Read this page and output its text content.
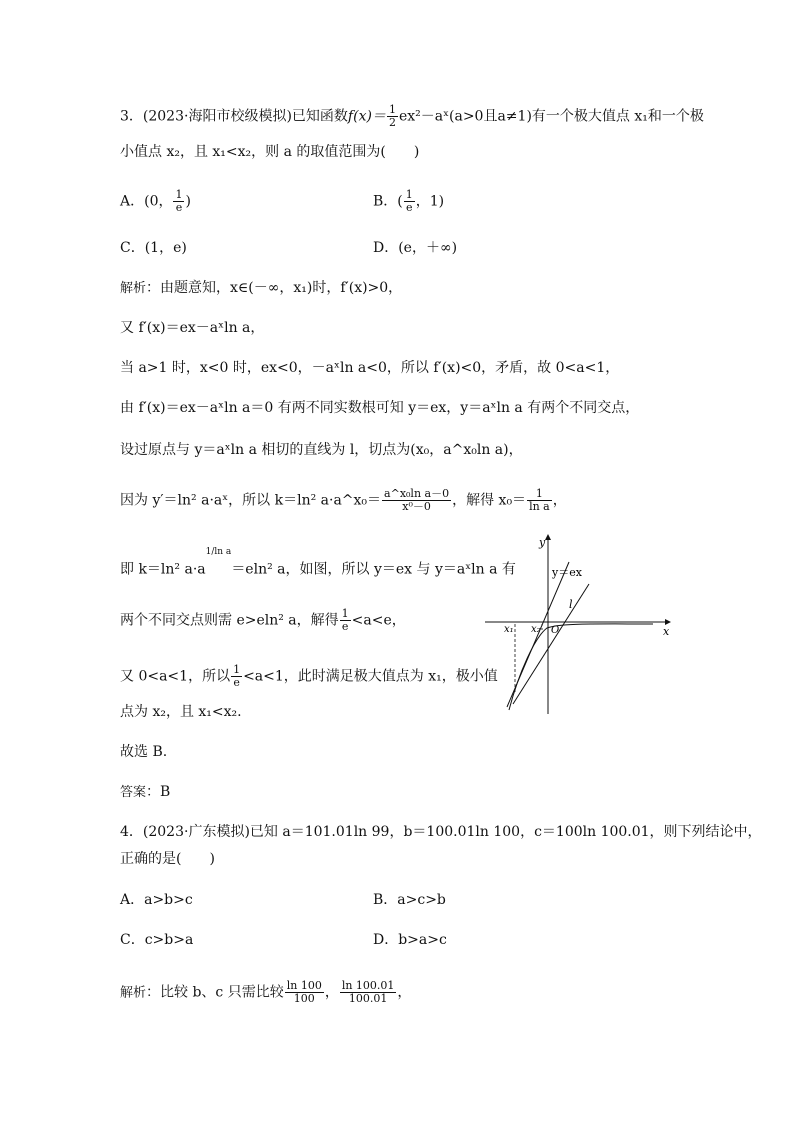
3．(2023·海阳市校级模拟)已知函数$f(x)= \frac{1}{2}$ ex²－aˣ(a>0且a≠1)有一个极大值点 x₁和一个极
小值点 x₂，且 x₁<x₂，则 a 的取值范围为(　　)
A．(0， $\frac{1}{e}$ )	B．( $\frac{1}{e}$ ，1)
C．(1，e)	D．(e，＋∞)
解析：由题意知，x∈(－∞，x₁)时，f′(x)>0，
又 f′(x)＝ex－aˣln a，
当 a>1 时，x<0 时，ex<0，－aˣln a<0，所以 f′(x)<0，矛盾，故 0<a<1，
由 f′(x)＝ex－aˣln a＝0 有两不同实数根可知 y＝ex，y＝aˣln a 有两个不同交点，
设过原点与 y＝aˣln a 相切的直线为 l，切点为(x₀，a^x₀ln a)，
因为 y′＝ln² a·aˣ，所以 k＝ln² a·a^x₀＝ $\frac{\text{a\textasciicircum{}x₀ln a－0}}{\text{x⁰－0}}$ ，解得 $x_0= \frac{1}{\text{ln a}}$ ，
即 k＝ln² $a\cdot a^{1/ln a}=eln^2$ a，如图，所以 y＝ex 与 y＝aˣln a 有
两个不同交点则需 e>eln² a，解得 $\frac{1}{e} <a<e$，
又 0<a<1，所以 $\frac{1}{e} <a<1$，此时满足极大值点为 x₁，极小值
点为 x₂，且 x₁<x₂.
故选 B.
答案：B
y
x
y＝ex
l
x₁ x₂ O
4．(2023·广东模拟)已知 a＝101.01ln 99，b＝100.01ln 100，c＝100ln 100.01，则下列结论中，
正确的是(　　)
A．a>b>c	B．a>c>b
C．c>b>a	D．b>a>c
解析：比较 b、c 只需比较 $\frac{\ln 100}{100}$ ， $\frac{\ln 100.01}{100.01}$ ，
